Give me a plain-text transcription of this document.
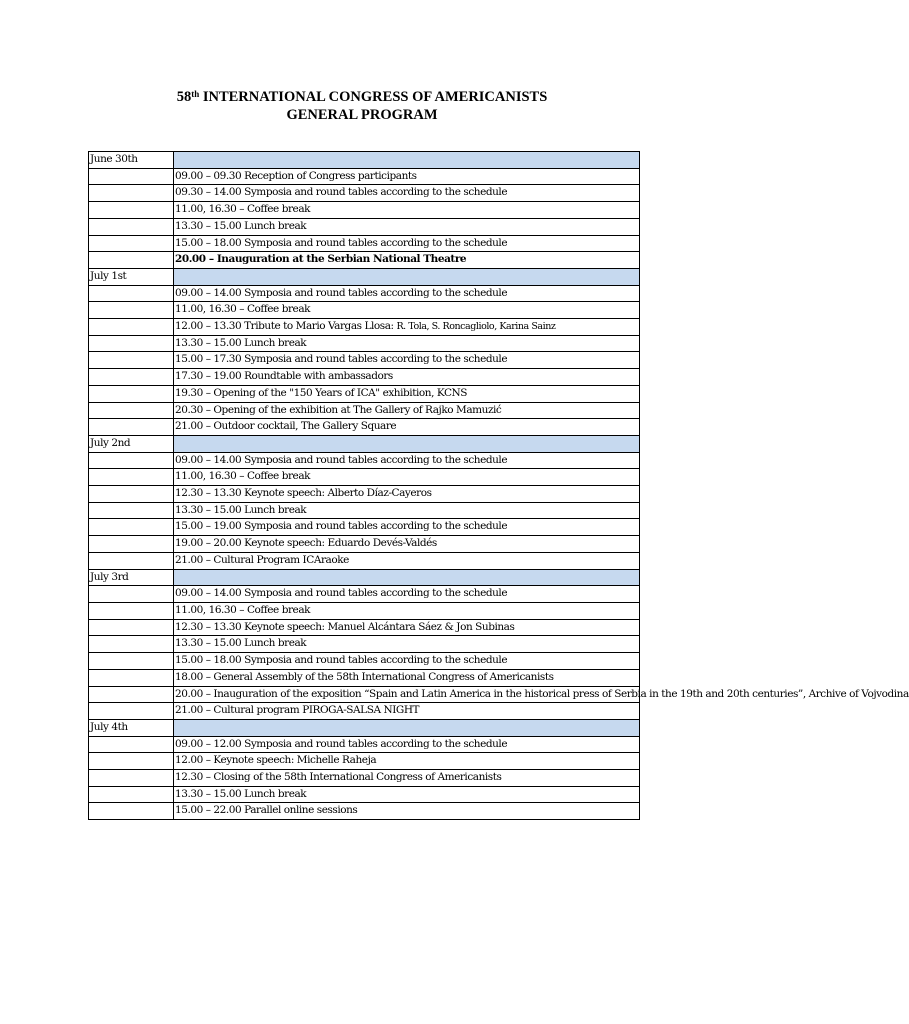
58th INTERNATIONAL CONGRESS OF AMERICANISTS
GENERAL PROGRAM
June 30th	
	09.00 – 09.30 Reception of Congress participants
	09.30 – 14.00 Symposia and round tables according to the schedule
	11.00, 16.30 – Coffee break
	13.30 – 15.00 Lunch break
	15.00 – 18.00 Symposia and round tables according to the schedule
	20.00 – Inauguration at the Serbian National Theatre
July 1st	
	09.00 – 14.00 Symposia and round tables according to the schedule
	11.00, 16.30 – Coffee break
	12.00 – 13.30 Tribute to Mario Vargas Llosa: R. Tola, S. Roncagliolo, Karina Sainz
	13.30 – 15.00 Lunch break
	15.00 – 17.30 Symposia and round tables according to the schedule
	17.30 – 19.00 Roundtable with ambassadors
	19.30 – Opening of the "150 Years of ICA" exhibition, KCNS
	20.30 – Opening of the exhibition at The Gallery of Rajko Mamuzić
	21.00 – Outdoor cocktail, The Gallery Square
July 2nd	
	09.00 – 14.00 Symposia and round tables according to the schedule
	11.00, 16.30 – Coffee break
	12.30 – 13.30 Keynote speech: Alberto Díaz-Cayeros
	13.30 – 15.00 Lunch break
	15.00 – 19.00 Symposia and round tables according to the schedule
	19.00 – 20.00 Keynote speech: Eduardo Devés-Valdés
	21.00 – Cultural Program ICAraoke
July 3rd	
	09.00 – 14.00 Symposia and round tables according to the schedule
	11.00, 16.30 – Coffee break
	12.30 – 13.30 Keynote speech: Manuel Alcántara Sáez & Jon Subinas
	13.30 – 15.00 Lunch break
	15.00 – 18.00 Symposia and round tables according to the schedule
	18.00 – General Assembly of the 58th International Congress of Americanists
	20.00 – Inauguration of the exposition “Spain and Latin America in the historical press of Serbia in the 19th and 20th centuries”, Archive of Vojvodina
	21.00 – Cultural program PIROGA-SALSA NIGHT
July 4th	
	09.00 – 12.00 Symposia and round tables according to the schedule
	12.00 – Keynote speech: Michelle Raheja
	12.30 – Closing of the 58th International Congress of Americanists
	13.30 – 15.00 Lunch break
	15.00 – 22.00 Parallel online sessions
